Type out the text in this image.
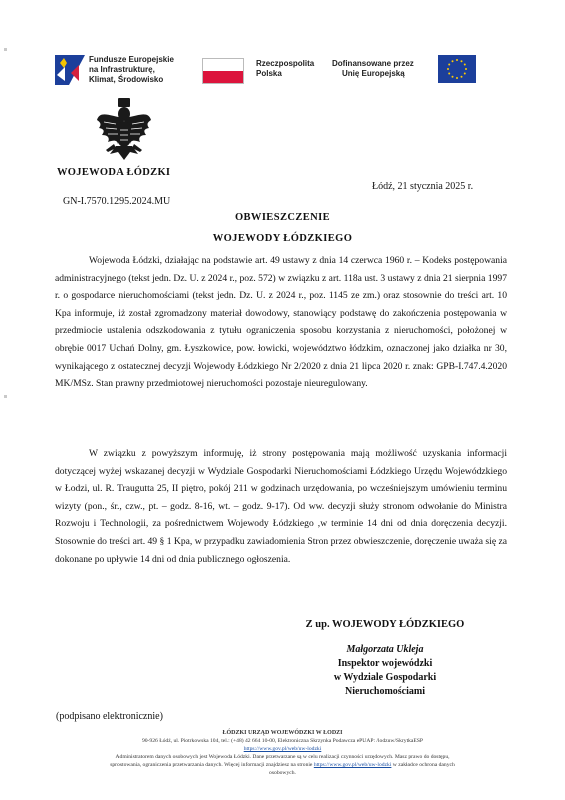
Fundusze Europejskie
na Infrastrukturę,
Klimat, Środowisko
Rzeczpospolita
Polska
Dofinansowane przez
Unię Europejską
WOJEWODA ŁÓDZKI
Łódź, 21 stycznia 2025 r.
GN-I.7570.1295.2024.MU
OBWIESZCZENIE
WOJEWODY ŁÓDZKIEGO

Wojewoda Łódzki, działając na podstawie art. 49 ustawy z dnia 14 czerwca 1960 r. – Kodeks postępowania administracyjnego (tekst jedn. Dz. U. z 2024 r., poz. 572) w związku z art. 118a ust. 3 ustawy z dnia 21 sierpnia 1997 r. o gospodarce nieruchomościami (tekst jedn. Dz. U. z 2024 r., poz. 1145 ze zm.) oraz stosownie do treści art. 10 Kpa informuje, iż został zgromadzony materiał dowodowy, stanowiący podstawę do zakończenia postępowania w przedmiocie ustalenia odszkodowania z tytułu ograniczenia sposobu korzystania z nieruchomości, położonej w obrębie 0017 Uchań Dolny, gm. Łyszkowice, pow. łowicki, województwo łódzkim, oznaczonej jako działka nr 30, wynikającego z ostatecznej decyzji Wojewody Łódzkiego Nr 2/2020 z dnia 21 lipca 2020 r. znak: GPB-I.747.4.2020 MK/MSz. Stan prawny przedmiotowej nieruchomości pozostaje nieuregulowany.

W związku z powyższym informuję, iż strony postępowania mają możliwość uzyskania informacji dotyczącej wyżej wskazanej decyzji w Wydziale Gospodarki Nieruchomościami Łódzkiego Urzędu Wojewódzkiego w Łodzi, ul. R. Traugutta 25, II piętro, pokój 211 w godzinach urzędowania, po wcześniejszym umówieniu terminu wizyty (pon., śr., czw., pt. – godz. 8-16, wt. – godz. 9-17). Od ww. decyzji służy stronom odwołanie do Ministra Rozwoju i Technologii, za pośrednictwem Wojewody Łódzkiego ,w terminie 14 dni od dnia doręczenia decyzji. Stosownie do treści art. 49 § 1 Kpa, w przypadku zawiadomienia Stron przez obwieszczenie, doręczenie uważa się za dokonane po upływie 14 dni od dnia publicznego ogłoszenia.

Z up. WOJEWODY ŁÓDZKIEGO
Małgorzata Ukleja
Inspektor wojewódzki
w Wydziale Gospodarki
Nieruchomościami
(podpisano elektronicznie)
ŁÓDZKI URZĄD WOJEWÓDZKI W ŁODZI
90-926 Łódź, ul. Piotrkowska 104, tel.: (+48) 42 664 10-00, Elektroniczna Skrzynka Podawcza ePUAP: /lodzuw/SkrytkaESP
https://www.gov.pl/web/uw-lodzki
Administratorem danych osobowych jest Wojewoda Łódzki. Dane przetwarzane są w celu realizacji czynności urzędowych. Masz prawo do dostępu,
sprostowania, ograniczenia przetwarzania danych. Więcej informacji znajdziesz na stronie https://www.gov.pl/web/uw-lodzki w zakładce ochrona danych
osobowych.
